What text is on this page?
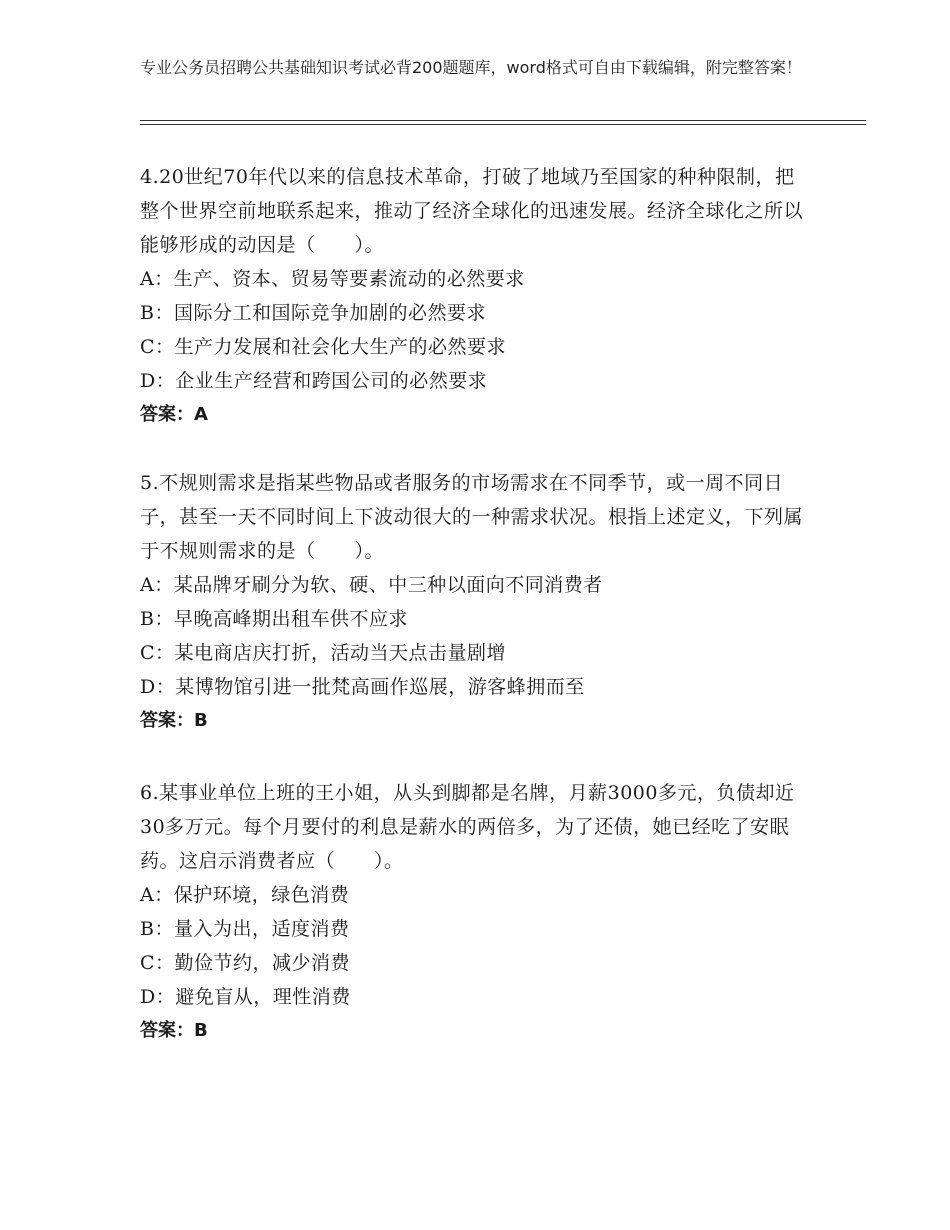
专业公务员招聘公共基础知识考试必背200题题库，word格式可自由下载编辑，附完整答案！

4.20世纪70年代以来的信息技术革命，打破了地域乃至国家的种种限制，把整个世界空前地联系起来，推动了经济全球化的迅速发展。经济全球化之所以能够形成的动因是（　　）。

A：生产、资本、贸易等要素流动的必然要求

B：国际分工和国际竞争加剧的必然要求

C：生产力发展和社会化大生产的必然要求

D：企业生产经营和跨国公司的必然要求

答案：A

5.不规则需求是指某些物品或者服务的市场需求在不同季节，或一周不同日子，甚至一天不同时间上下波动很大的一种需求状况。根指上述定义，下列属于不规则需求的是（　　）。

A：某品牌牙刷分为软、硬、中三种以面向不同消费者

B：早晚高峰期出租车供不应求

C：某电商店庆打折，活动当天点击量剧增

D：某博物馆引进一批梵高画作巡展，游客蜂拥而至

答案：B

6.某事业单位上班的王小姐，从头到脚都是名牌，月薪3000多元，负债却近30多万元。每个月要付的利息是薪水的两倍多，为了还债，她已经吃了安眠药。这启示消费者应（　　）。

A：保护环境，绿色消费

B：量入为出，适度消费

C：勤俭节约，减少消费

D：避免盲从，理性消费

答案：B
